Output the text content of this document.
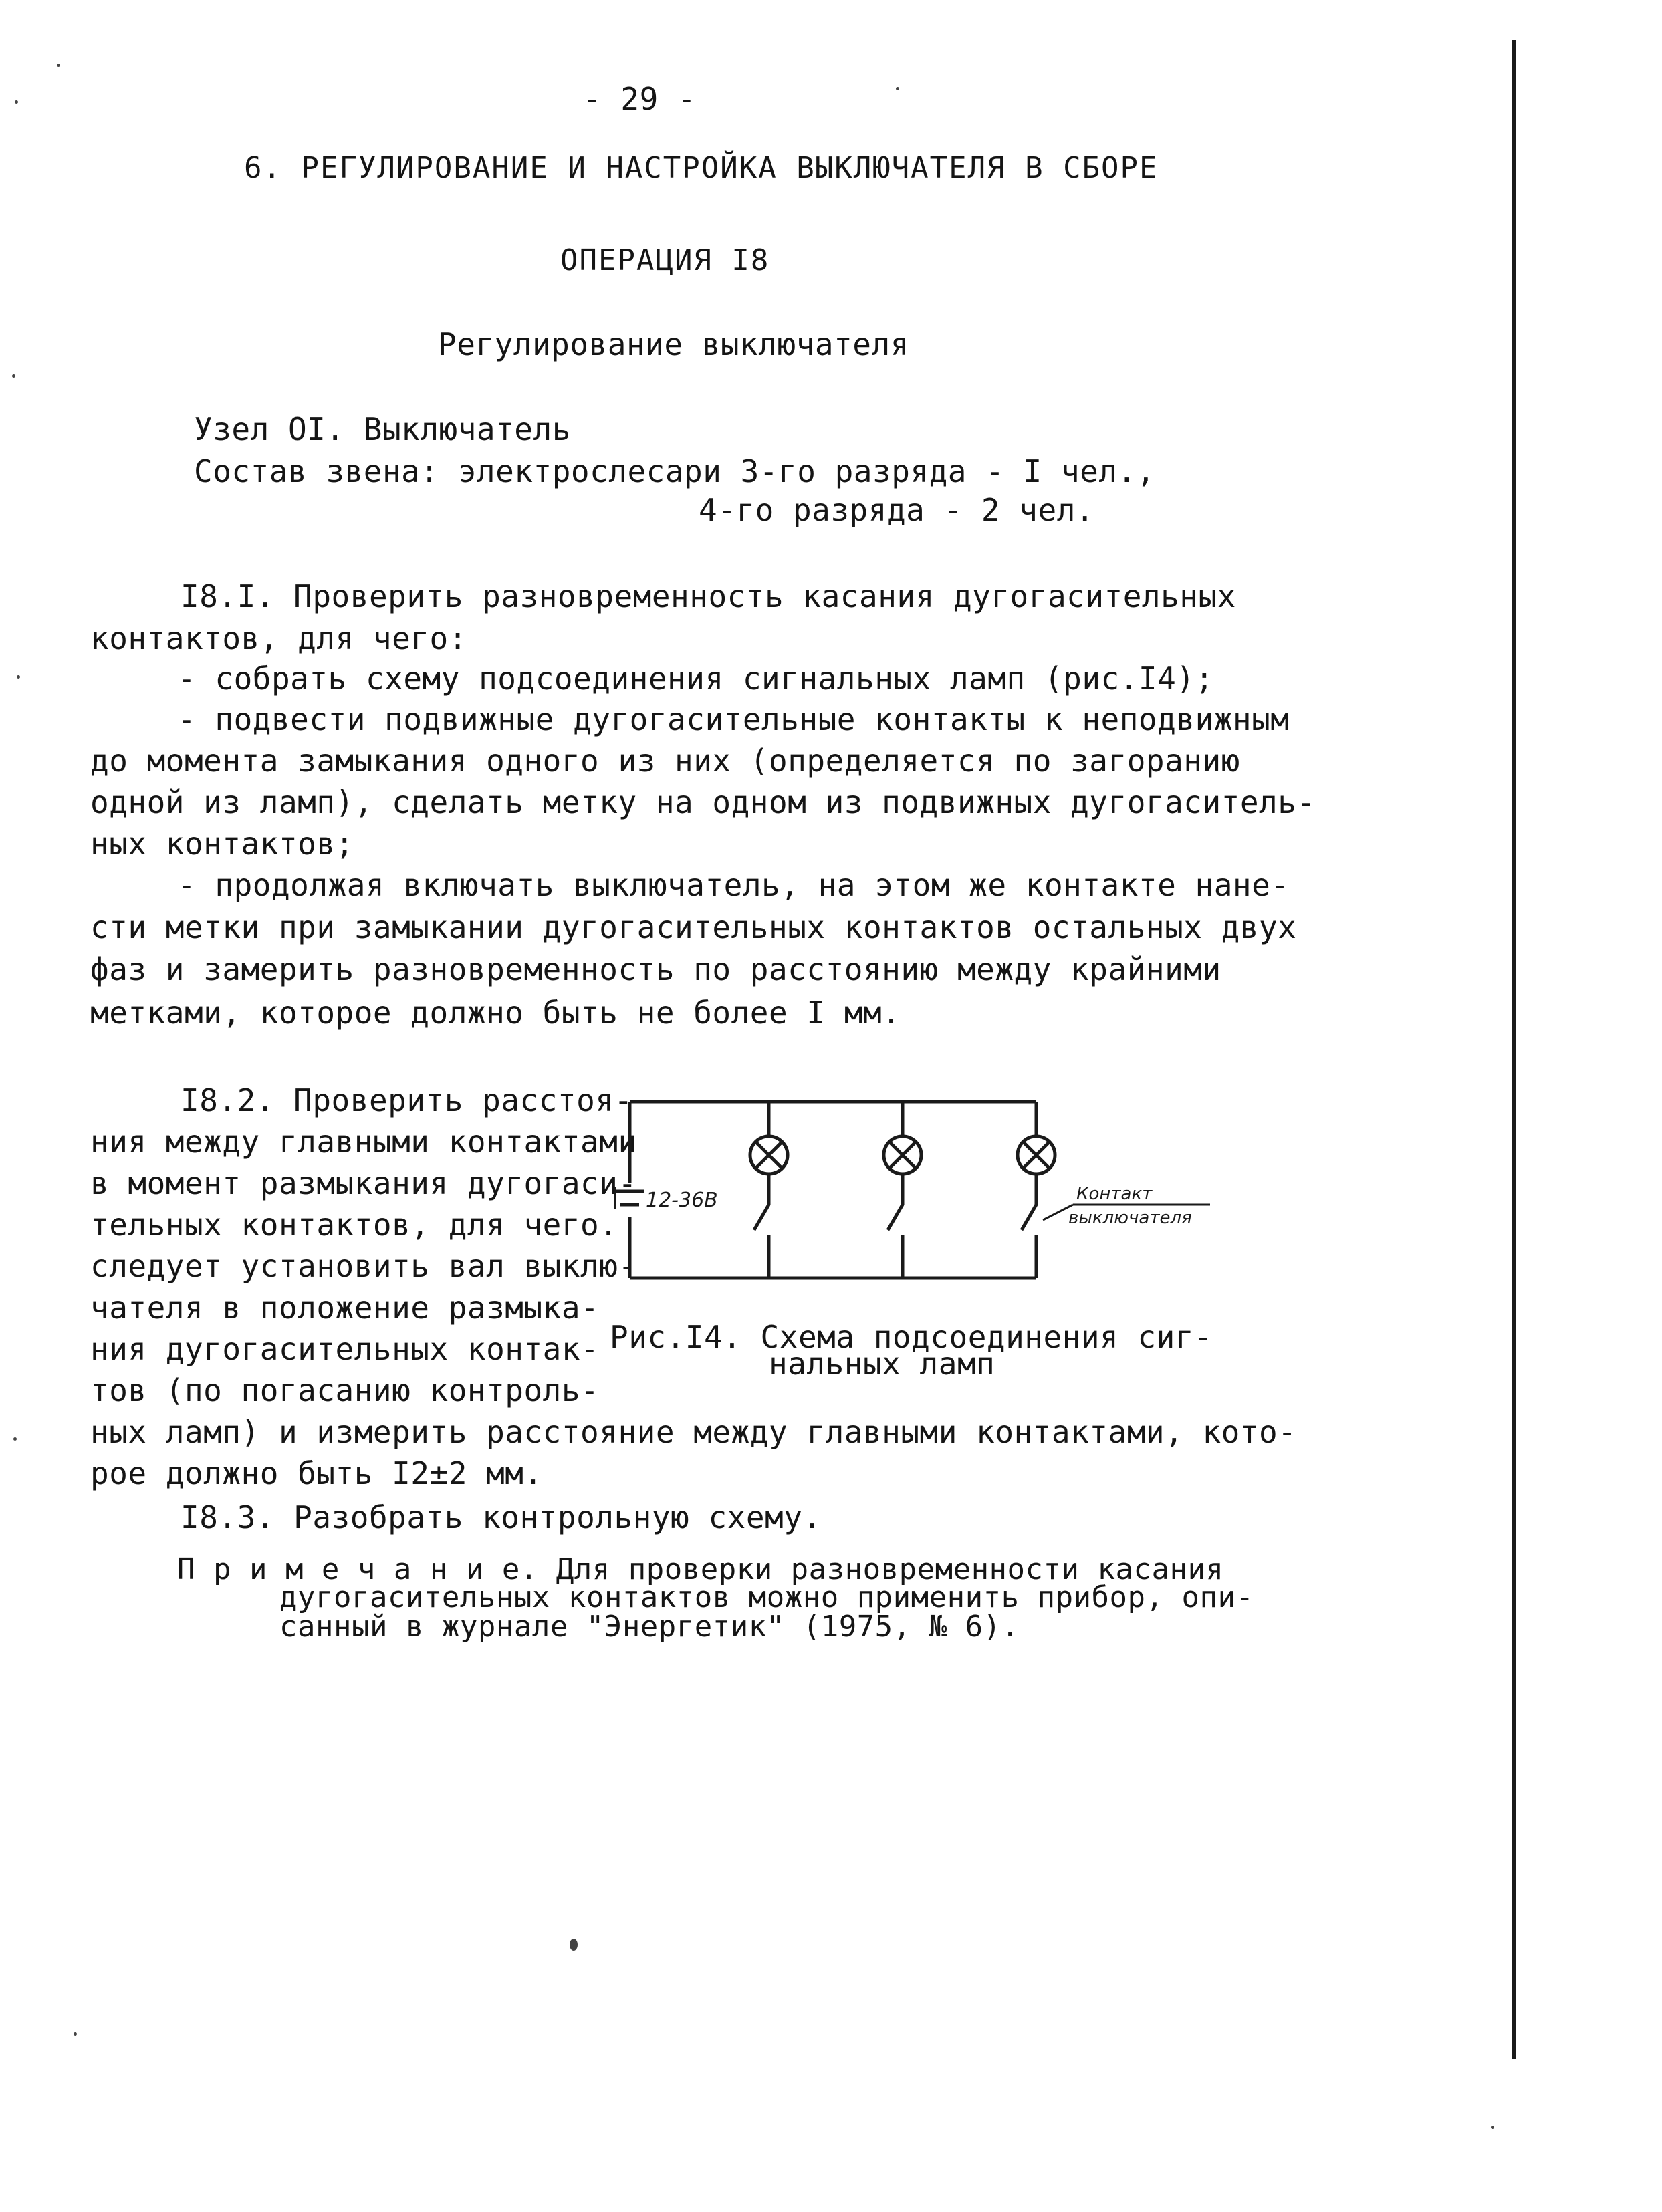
- 29 -
6. РЕГУЛИРОВАНИЕ И НАСТРОЙКА ВЫКЛЮЧАТЕЛЯ В СБОРЕ
ОПЕРАЦИЯ I8
Регулирование выключателя
Узел OI. Выключатель
Состав звена: электрослесари 3-го разряда - I чел.,
4-го разряда - 2 чел.
I8.I. Проверить разновременность касания дугогасительных
контактов, для чего:
- собрать схему подсоединения сигнальных ламп (рис.I4);
- подвести подвижные дугогасительные контакты к неподвижным
до момента замыкания одного из них (определяется по загоранию
одной из ламп), сделать метку на одном из подвижных дугогаситель-
ных контактов;
- продолжая включать выключатель, на этом же контакте нане-
сти метки при замыкании дугогасительных контактов остальных двух
фаз и замерить разновременность по расстоянию между крайними
метками, которое должно быть не более I мм.
I8.2. Проверить расстоя-
ния между главными контактами
в момент размыкания дугогаси-
тельных контактов, для чего.
следует установить вал выклю-
чателя в положение размыка-
ния дугогасительных контак-
тов (по погасанию контроль-
ных ламп) и измерить расстояние между главными контактами, кото-
рое должно быть I2±2 мм.
I8.3. Разобрать контрольную схему.
12-36В	Контакт
выключателя
Рис.I4. Схема подсоединения сиг-
нальных ламп
П р и м е ч а н и е. Для проверки разновременности касания
дугогасительных контактов можно применить прибор, опи-
санный в журнале "Энергетик" (1975, № 6).
